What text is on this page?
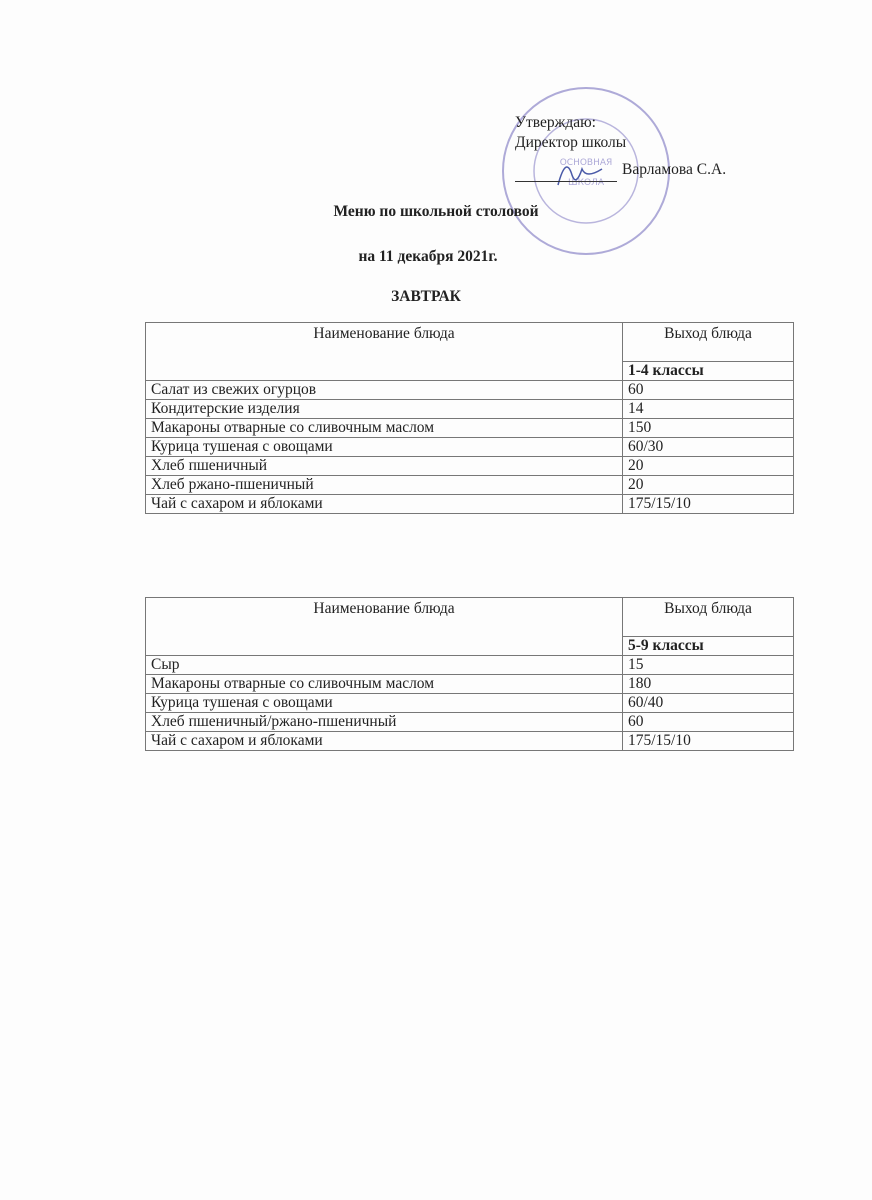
ОСНОВНАЯ
ШКОЛА
Утверждаю:
Директор школы
Варламова С.А.
Меню по школьной столовой
на 11 декабря 2021г.
ЗАВТРАК
Наименование блюда	Выход блюда
	1-4 классы
Салат из свежих огурцов	60
Кондитерские изделия	14
Макароны отварные со сливочным маслом	150
Курица тушеная с овощами	60/30
Хлеб пшеничный	20
Хлеб ржано-пшеничный	20
Чай с сахаром и яблоками	175/15/10
Наименование блюда	Выход блюда
	5-9 классы
Сыр	15
Макароны отварные со сливочным маслом	180
Курица тушеная с овощами	60/40
Хлеб пшеничный/ржано-пшеничный	60
Чай с сахаром и яблоками	175/15/10
